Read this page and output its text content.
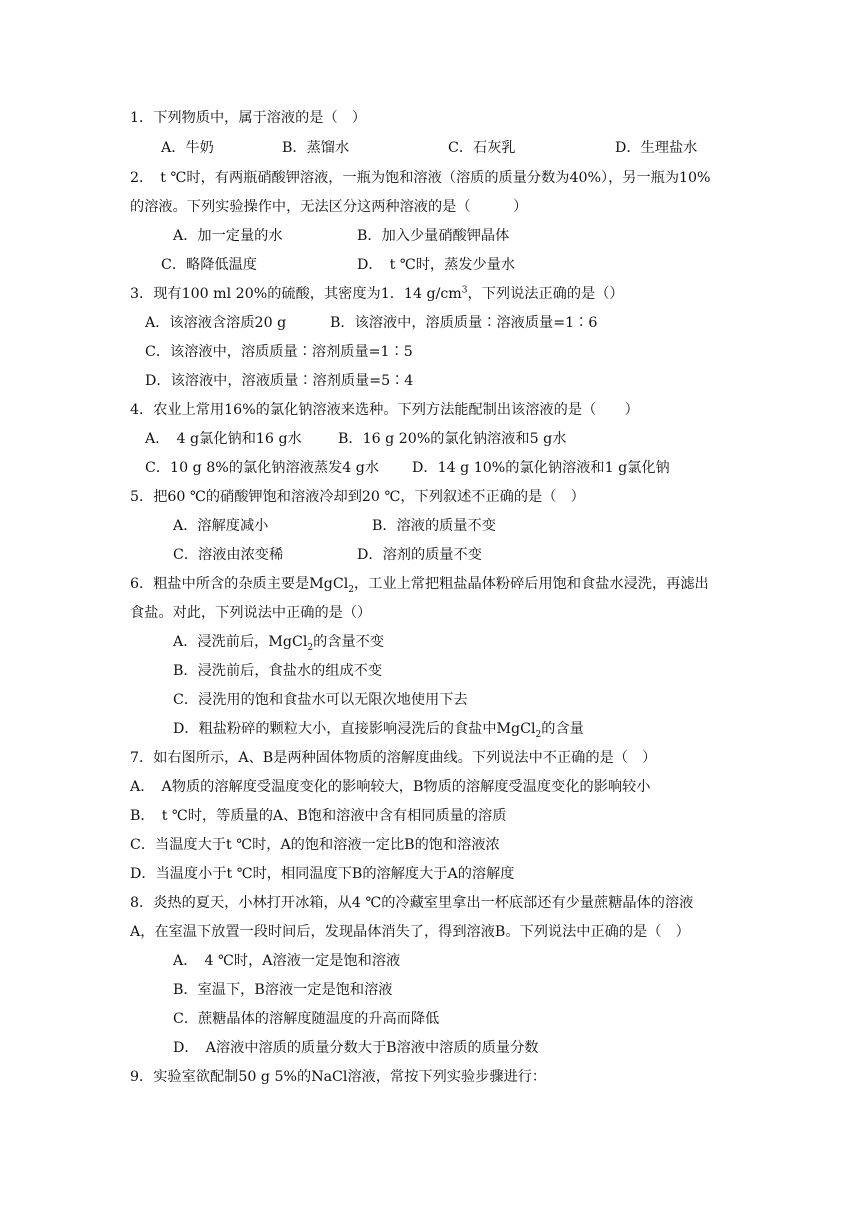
1．下列物质中，属于溶液的是（　）
A．牛奶	B．蒸馏水	C．石灰乳	D．生理盐水
2．　t ℃时，有两瓶硝酸钾溶液，一瓶为饱和溶液（溶质的质量分数为40%），另一瓶为10%
的溶液。下列实验操作中，无法区分这两种溶液的是（　　　）
A．加一定量的水	B．加入少量硝酸钾晶体
C．略降低温度	D．　t ℃时，蒸发少量水
3．现有100 ml 20%的硫酸，其密度为1．14 $g/cm^3$，下列说法正确的是（）
A．该溶液含溶质20 g	B．该溶液中，溶质质量∶溶液质量=1∶6
C．该溶液中，溶质质量∶溶剂质量=1∶5
D．该溶液中，溶液质量∶溶剂质量=5∶4
4．农业上常用16%的氯化钠溶液来选种。下列方法能配制出该溶液的是（　　）
A．　4 g氯化钠和16 g水	B．16 g 20%的氯化钠溶液和5 g水
C．10 g 8%的氯化钠溶液蒸发4 g水 D．14 g 10%的氯化钠溶液和1 g氯化钠
5．把60 ℃的硝酸钾饱和溶液冷却到20 ℃，下列叙述不正确的是（　）
A．溶解度减小	B．溶液的质量不变
C．溶液由浓变稀	D．溶剂的质量不变
6．粗盐中所含的杂质主要是MgCl$_2$，工业上常把粗盐晶体粉碎后用饱和食盐水浸洗，再滤出
食盐。对此，下列说法中正确的是（）
A．浸洗前后，MgCl$_2$的含量不变
B．浸洗前后，食盐水的组成不变
C．浸洗用的饱和食盐水可以无限次地使用下去
D．粗盐粉碎的颗粒大小，直接影响浸洗后的食盐中MgCl$_2$的含量
7．如右图所示，A、B是两种固体物质的溶解度曲线。下列说法中不正确的是（　）
A．　A物质的溶解度受温度变化的影响较大，B物质的溶解度受温度变化的影响较小
B．　t ℃时，等质量的A、B饱和溶液中含有相同质量的溶质
C．当温度大于t ℃时，A的饱和溶液一定比B的饱和溶液浓
D．当温度小于t ℃时，相同温度下B的溶解度大于A的溶解度
8．炎热的夏天，小林打开冰箱，从4 ℃的冷藏室里拿出一杯底部还有少量蔗糖晶体的溶液
A，在室温下放置一段时间后，发现晶体消失了，得到溶液B。下列说法中正确的是（　）
A．　4 ℃时，A溶液一定是饱和溶液
B．室温下，B溶液一定是饱和溶液
C．蔗糖晶体的溶解度随温度的升高而降低
D．　A溶液中溶质的质量分数大于B溶液中溶质的质量分数
9．实验室欲配制50 g 5%的NaCl溶液，常按下列实验步骤进行：
